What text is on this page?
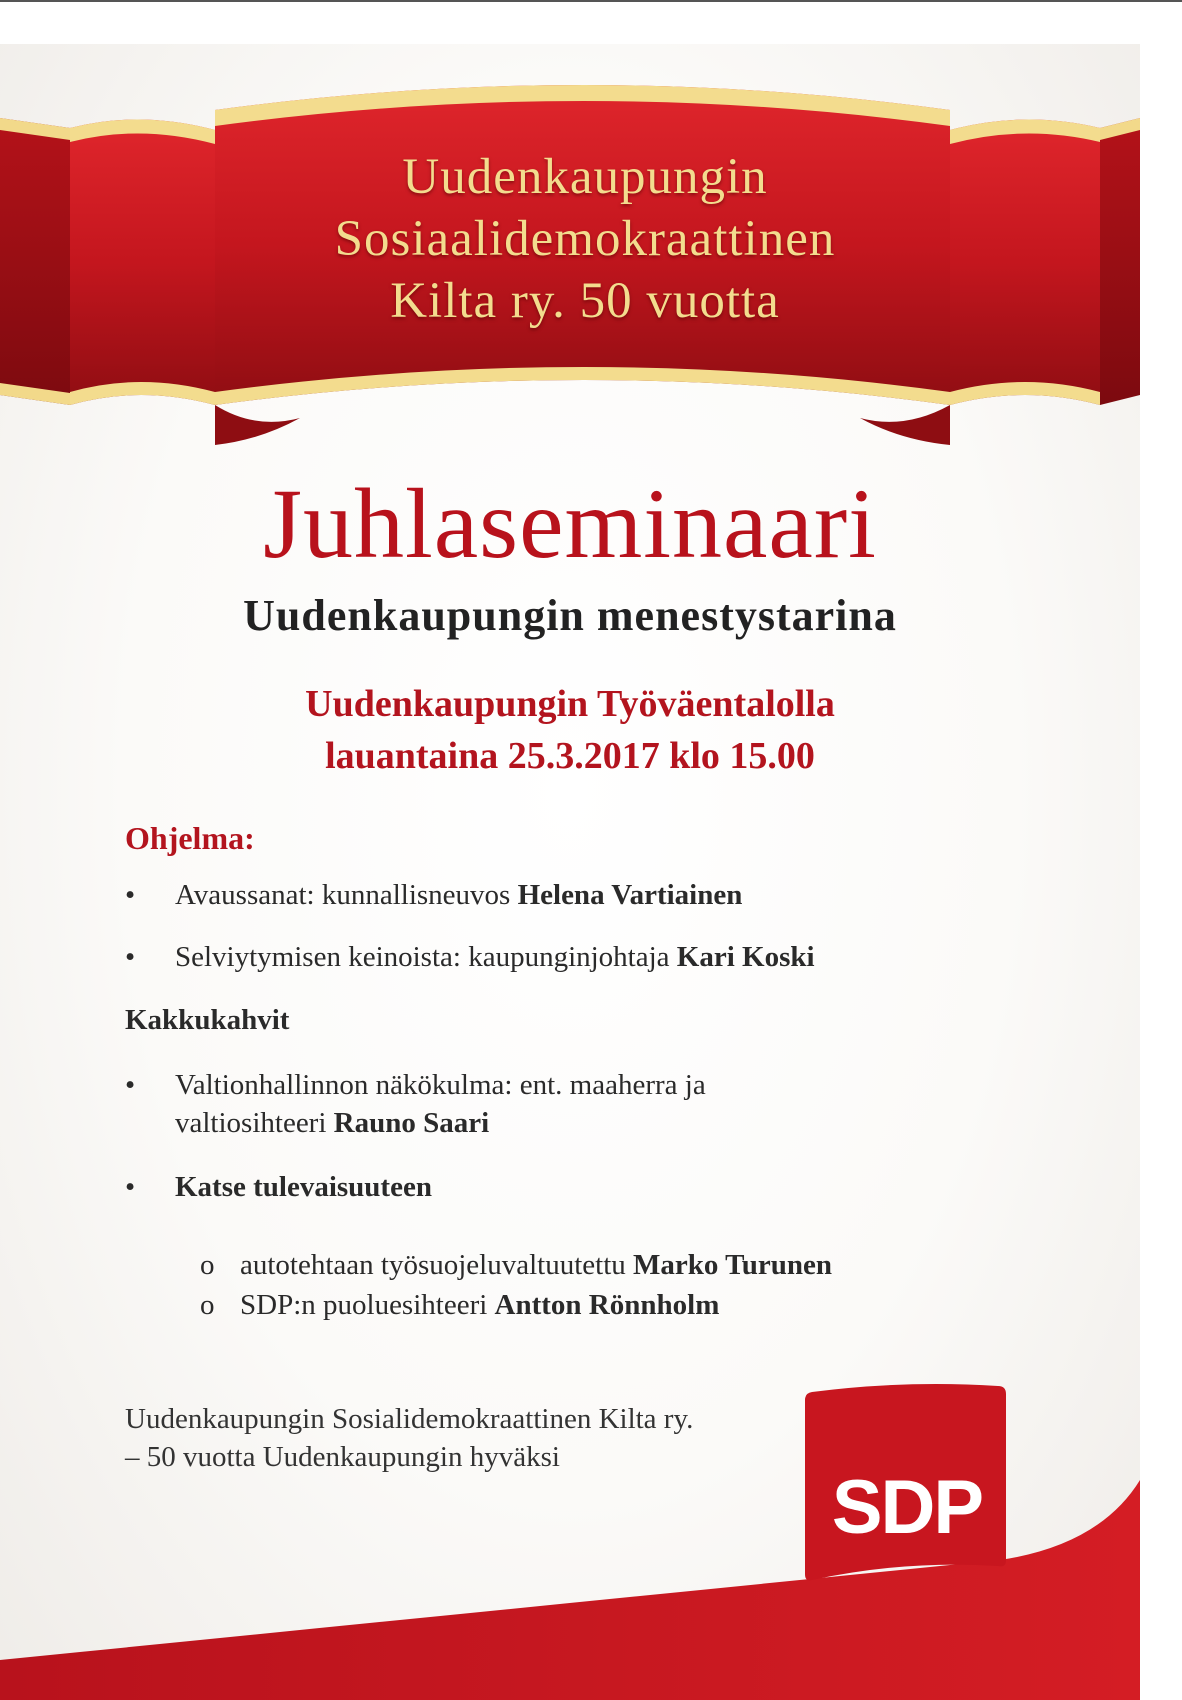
Uudenkaupungin
Sosiaalidemokraattinen
Kilta ry. 50 vuotta
Juhlaseminaari
Uudenkaupungin menestystarina
Uudenkaupungin Työväentalolla
lauantaina 25.3.2017 klo 15.00
Ohjelma:
•	Avaussanat: kunnallisneuvos Helena Vartiainen
•	Selviytymisen keinoista: kaupunginjohtaja Kari Koski
Kakkukahvit
•	Valtionhallinnon näkökulma: ent. maaherra ja
valtiosihteeri Rauno Saari
•	Katse tulevaisuuteen
o autotehtaan työsuojeluvaltuutettu Marko Turunen
o SDP:n puoluesihteeri Antton Rönnholm
Uudenkaupungin Sosialidemokraattinen Kilta ry.
– 50 vuotta Uudenkaupungin hyväksi
SDP
